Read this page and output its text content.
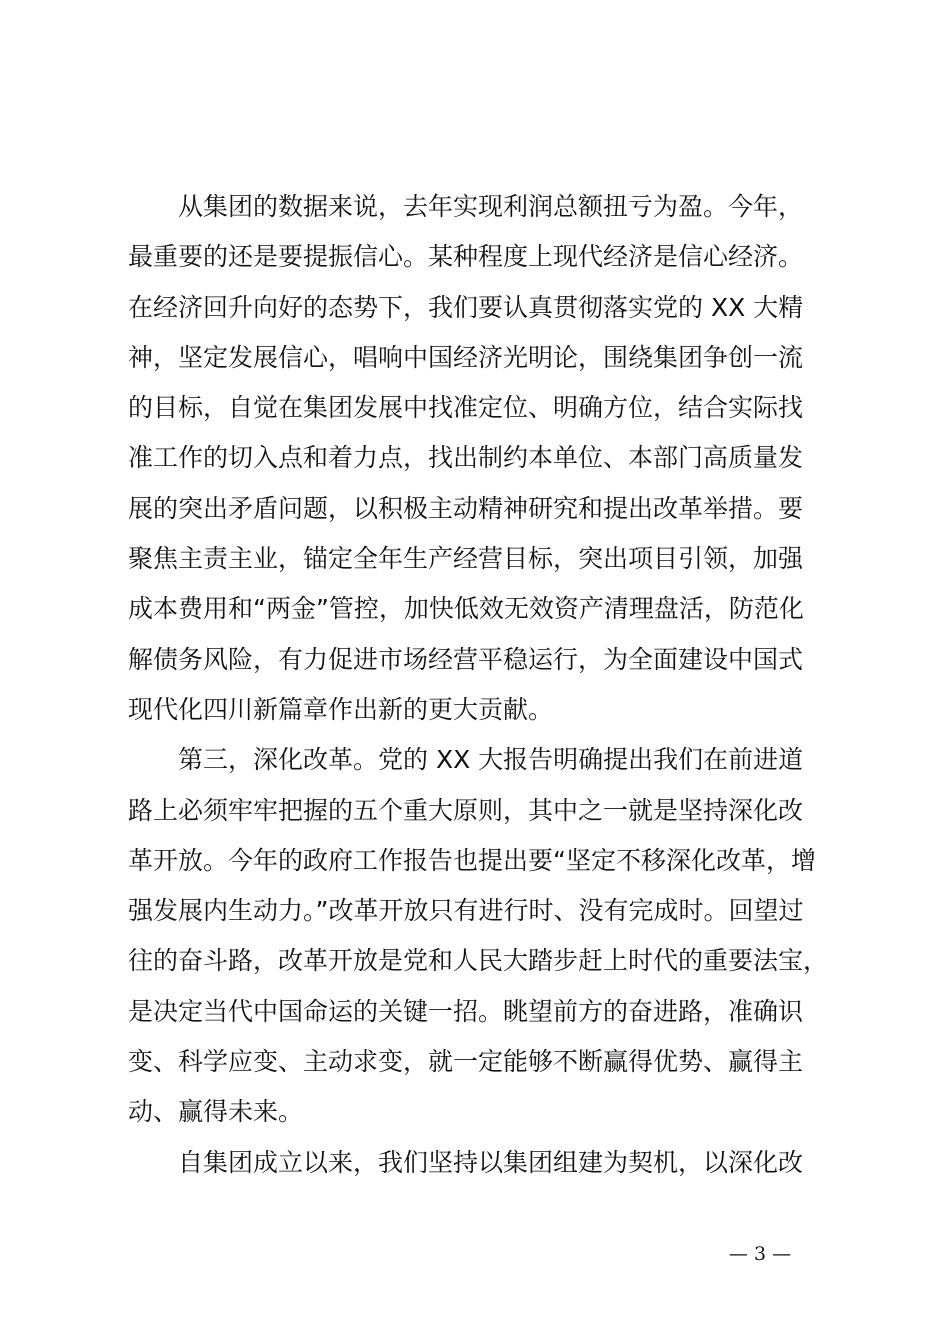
　　从集团的数据来说，去年实现利润总额扭亏为盈。今年，
最重要的还是要提振信心。某种程度上现代经济是信心经济。
在经济回升向好的态势下，我们要认真贯彻落实党的 XX 大精
神，坚定发展信心，唱响中国经济光明论，围绕集团争创一流
的目标，自觉在集团发展中找准定位、明确方位，结合实际找
准工作的切入点和着力点，找出制约本单位、本部门高质量发
展的突出矛盾问题，以积极主动精神研究和提出改革举措。要
聚焦主责主业，锚定全年生产经营目标，突出项目引领，加强
成本费用和“两金”管控，加快低效无效资产清理盘活，防范化
解债务风险，有力促进市场经营平稳运行，为全面建设中国式
现代化四川新篇章作出新的更大贡献。
　　第三，深化改革。党的 XX 大报告明确提出我们在前进道
路上必须牢牢把握的五个重大原则，其中之一就是坚持深化改
革开放。今年的政府工作报告也提出要“坚定不移深化改革，增
强发展内生动力。”改革开放只有进行时、没有完成时。回望过
往的奋斗路，改革开放是党和人民大踏步赶上时代的重要法宝，
是决定当代中国命运的关键一招。眺望前方的奋进路，准确识
变、科学应变、主动求变，就一定能够不断赢得优势、赢得主
动、赢得未来。
　　自集团成立以来，我们坚持以集团组建为契机，以深化改
— 3 —
